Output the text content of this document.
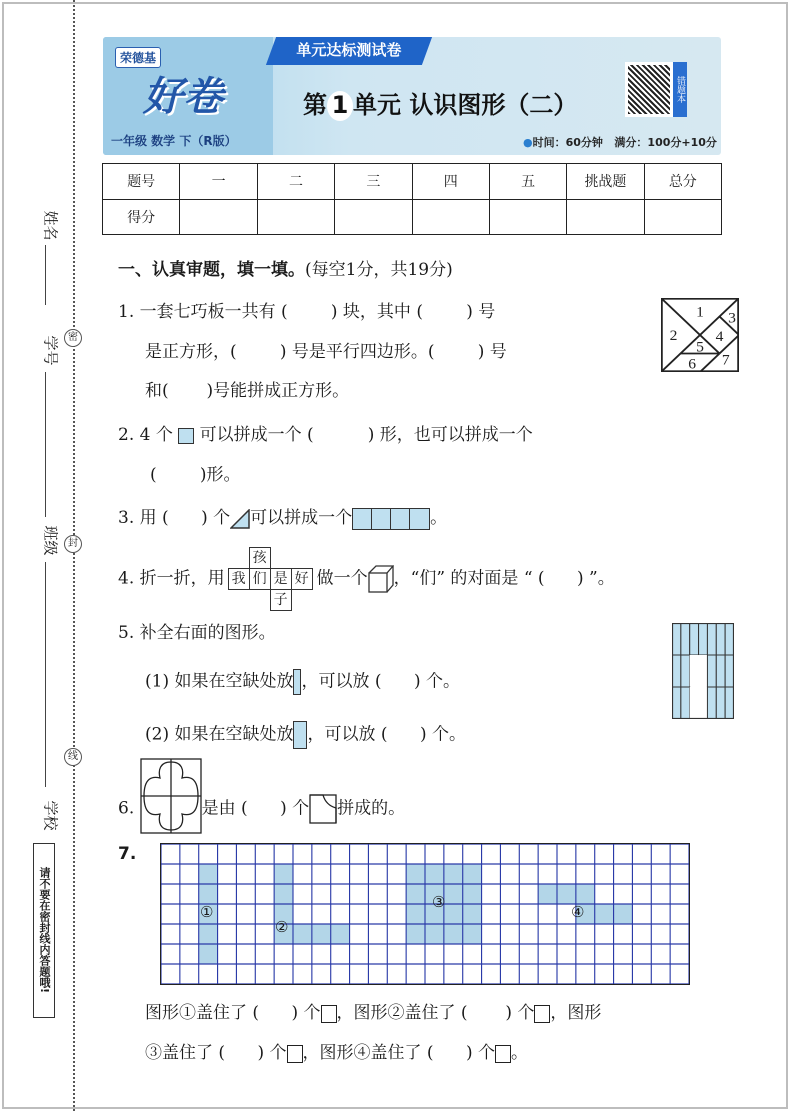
姓名
学号
班级
学校
密
封
线
请不要在密封线内答题哦!
荣德基
好卷
一年级 数学 下（R版）
单元达标测试卷
第 1 单元 认识图形（二）
错题本
●时间：60分钟 满分：100分+10分
题号	一	二	三	四	五	挑战题	总分
得分							
一、认真审题，填一填。(每空1分，共19分)
1. 一套七巧板一共有 (        ) 块，其中 (        ) 号
是正方形，(        ) 号是平行四边形。(        ) 号
和(       )号能拼成正方形。
1
2
3
4
5
6 7
2. 4 个  可以拼成一个 (          ) 形，也可以拼成一个
(        )形。
3. 用 (      ) 个 可以拼成一个	。
4. 折一折，用
孩
我 们 是 好
子
做一个 ，“们” 的对面是 “ (      ) ”。
5. 补全右面的图形。
(1) 如果在空缺处放 ，可以放 (      ) 个。
(2) 如果在空缺处放 ，可以放 (      ) 个。
6.	是由 (      ) 个 拼成的。
7.
①
②
③
④
图形①盖住了 (      ) 个 ，图形②盖住了 (       ) 个 ，图形
③盖住了 (      ) 个 ，图形④盖住了 (      ) 个 。
